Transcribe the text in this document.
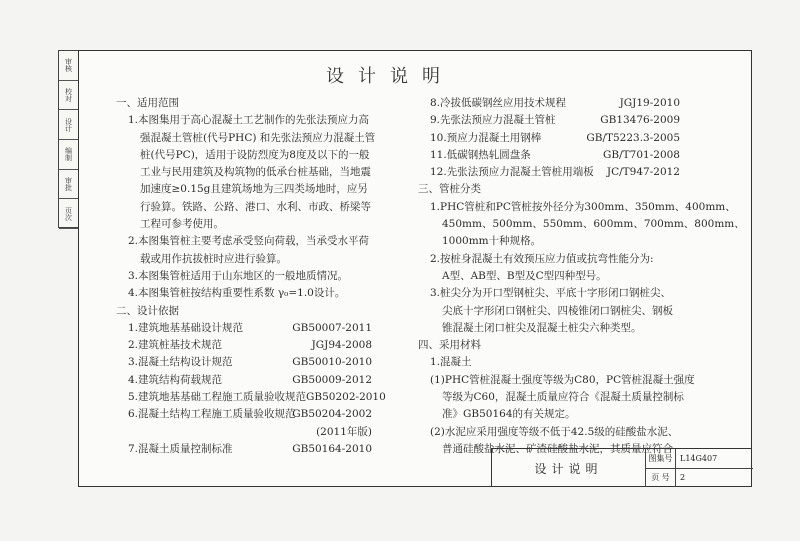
审核
校对
设计
编制
审批
页次
设计说明
一、适用范围
1.本图集用于高心混凝土工艺制作的先张法预应力高
强混凝土管桩(代号PHC) 和先张法预应力混凝土管
桩(代号PC)，适用于设防烈度为8度及以下的一般
工业与民用建筑及构筑物的低承台桩基础，当地震
加速度≥0.15g且建筑场地为三四类场地时，应另
行验算。铁路、公路、港口、水利、市政、桥梁等
工程可参考使用。
2.本图集管桩主要考虑承受竖向荷载，当承受水平荷
载或用作抗拔桩时应进行验算。
3.本图集管桩适用于山东地区的一般地质情况。
4.本图集管桩按结构重要性系数 γ₀=1.0设计。
二、设计依据
1.建筑地基基础设计规范	GB50007-2011
2.建筑桩基技术规范	JGJ94-2008
3.混凝土结构设计规范	GB50010-2010
4.建筑结构荷载规范	GB50009-2012
5.建筑地基基础工程施工质量验收规范GB50202-2010
6.混凝土结构工程施工质量验收规范
GB50204-2002
(2011年版)
7.混凝土质量控制标准	GB50164-2010
8.冷拔低碳钢丝应用技术规程	JGJ19-2010
9.先张法预应力混凝土管桩	GB13476-2009
10.预应力混凝土用钢棒	GB/T5223.3-2005
11.低碳钢热轧圆盘条	GB/T701-2008
12.先张法预应力混凝土管桩用端板 JC/T947-2012
三、管桩分类
1.PHC管桩和PC管桩按外径分为300mm、350mm、400mm、
450mm、500mm、550mm、600mm、700mm、800mm、
1000mm十种规格。
2.按桩身混凝土有效预压应力值或抗弯性能分为:
A型、AB型、B型及C型四种型号。
3.桩尖分为开口型钢桩尖、平底十字形闭口钢桩尖、
尖底十字形闭口钢桩尖、四棱锥闭口钢桩尖、钢板
锥混凝土闭口桩尖及混凝土桩尖六种类型。
四、采用材料
1.混凝土
(1)PHC管桩混凝土强度等级为C80，PC管桩混凝土强度
等级为C60，混凝土质量应符合《混凝土质量控制标
准》GB50164的有关规定。
(2)水泥应采用强度等级不低于42.5级的硅酸盐水泥、
普通硅酸盐水泥、矿渣硅酸盐水泥，其质量应符合
设计说明
图集号 L14G407
页 号	2
